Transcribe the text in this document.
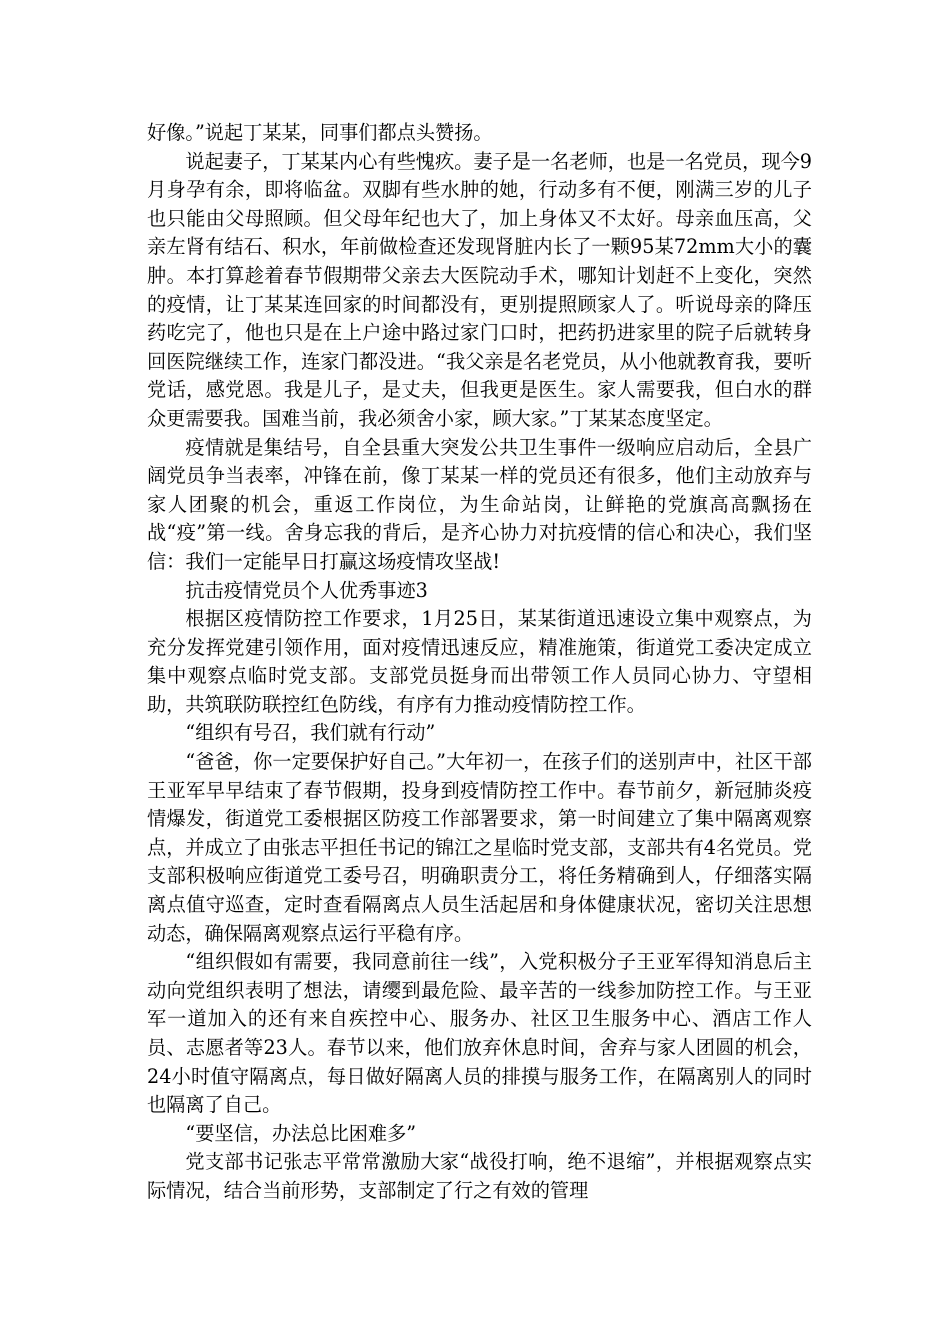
好像。”说起丁某某，同事们都点头赞扬。

说起妻子，丁某某内心有些愧疚。妻子是一名老师，也是一名党员，现今9月身孕有余，即将临盆。双脚有些水肿的她，行动多有不便，刚满三岁的儿子也只能由父母照顾。但父母年纪也大了，加上身体又不太好。母亲血压高，父亲左肾有结石、积水，年前做检查还发现肾脏内长了一颗95某72mm大小的囊肿。本打算趁着春节假期带父亲去大医院动手术，哪知计划赶不上变化，突然的疫情，让丁某某连回家的时间都没有，更别提照顾家人了。听说母亲的降压药吃完了，他也只是在上户途中路过家门口时，把药扔进家里的院子后就转身回医院继续工作，连家门都没进。“我父亲是名老党员，从小他就教育我，要听党话，感党恩。我是儿子，是丈夫，但我更是医生。家人需要我，但白水的群众更需要我。国难当前，我必须舍小家，顾大家。”丁某某态度坚定。

疫情就是集结号，自全县重大突发公共卫生事件一级响应启动后，全县广阔党员争当表率，冲锋在前，像丁某某一样的党员还有很多，他们主动放弃与家人团聚的机会，重返工作岗位，为生命站岗，让鲜艳的党旗高高飘扬在战“疫”第一线。舍身忘我的背后，是齐心协力对抗疫情的信心和决心，我们坚信：我们一定能早日打赢这场疫情攻坚战!

抗击疫情党员个人优秀事迹3

根据区疫情防控工作要求，1月25日，某某街道迅速设立集中观察点，为充分发挥党建引领作用，面对疫情迅速反应，精准施策，街道党工委决定成立集中观察点临时党支部。支部党员挺身而出带领工作人员同心协力、守望相助，共筑联防联控红色防线，有序有力推动疫情防控工作。

“组织有号召，我们就有行动”

“爸爸，你一定要保护好自己。”大年初一，在孩子们的送别声中，社区干部王亚军早早结束了春节假期，投身到疫情防控工作中。春节前夕，新冠肺炎疫情爆发，街道党工委根据区防疫工作部署要求，第一时间建立了集中隔离观察点，并成立了由张志平担任书记的锦江之星临时党支部，支部共有4名党员。党支部积极响应街道党工委号召，明确职责分工，将任务精确到人，仔细落实隔离点值守巡查，定时查看隔离点人员生活起居和身体健康状况，密切关注思想动态，确保隔离观察点运行平稳有序。

“组织假如有需要，我同意前往一线”，入党积极分子王亚军得知消息后主动向党组织表明了想法，请缨到最危险、最辛苦的一线参加防控工作。与王亚军一道加入的还有来自疾控中心、服务办、社区卫生服务中心、酒店工作人员、志愿者等23人。春节以来，他们放弃休息时间，舍弃与家人团圆的机会，24小时值守隔离点，每日做好隔离人员的排摸与服务工作，在隔离别人的同时也隔离了自己。

“要坚信，办法总比困难多”

党支部书记张志平常常激励大家“战役打响，绝不退缩”，并根据观察点实际情况，结合当前形势，支部制定了行之有效的管理
